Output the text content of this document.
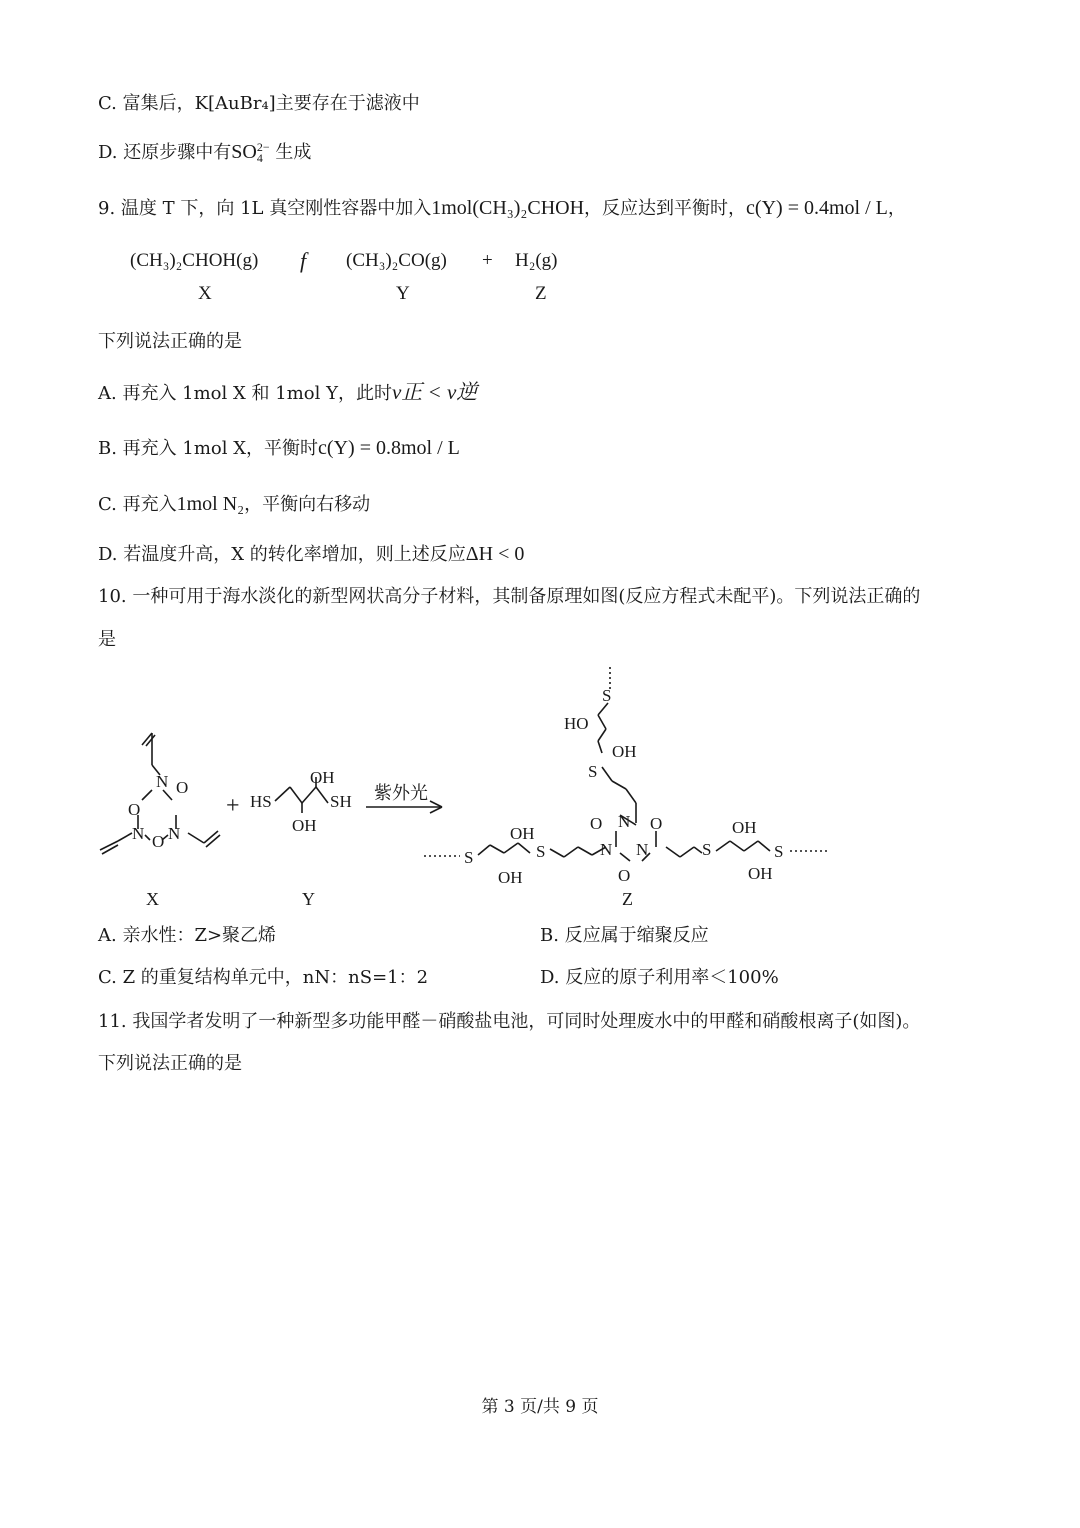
C. 富集后，K[AuBr₄]主要存在于滤液中
D. 还原步骤中有SO 2−
4 生成
9. 温度 T 下，向 1L 真空刚性容器中加入1mol(CH₃)₂CHOH，反应达到平衡时，c(Y) = 0.4mol / L，
(CH₃)₂CHOH(g) f (CH₃)₂CO(g) + H₂(g)
X	Y	Z
下列说法正确的是
A. 再充入 1mol X 和 1mol Y，此时v正 < v逆
B. 再充入 1mol X，平衡时c(Y) = 0.8mol / L
C. 再充入1mol N₂，平衡向右移动
D. 若温度升高，X 的转化率增加，则上述反应ΔH < 0
10. 一种可用于海水淡化的新型网状高分子材料，其制备原理如图(反应方程式未配平)。下列说法正确的
是
N O
O
N N
O
+ HS
OH
OH
SH 紫外光
S
HO
OH
S
N
O	O
N N
O
S
OH
OH
S	S
OH
OH
S
X	Y	Z
A. 亲水性：Z>聚乙烯	B. 反应属于缩聚反应
C. Z 的重复结构单元中，nN：nS=1：2	D. 反应的原子利用率＜100%
11. 我国学者发明了一种新型多功能甲醛－硝酸盐电池，可同时处理废水中的甲醛和硝酸根离子(如图)。
下列说法正确的是
第 3 页/共 9 页
